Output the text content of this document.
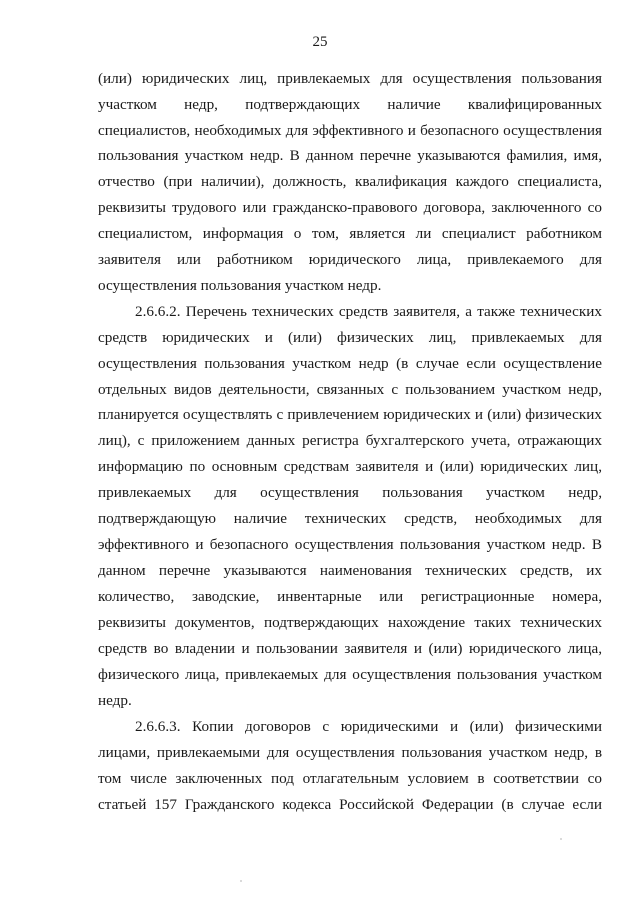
25
(или) юридических лиц, привлекаемых для осуществления пользования
участком недр, подтверждающих наличие квалифицированных
специалистов, необходимых для эффективного и безопасного осуществления
пользования участком недр. В данном перечне указываются фамилия, имя,
отчество (при наличии), должность, квалификация каждого специалиста,
реквизиты трудового или гражданско-правового договора, заключенного со
специалистом, информация о том, является ли специалист работником
заявителя или работником юридического лица, привлекаемого для
осуществления пользования участком недр.
2.6.6.2. Перечень технических средств заявителя, а также технических
средств юридических и (или) физических лиц, привлекаемых для
осуществления пользования участком недр (в случае если осуществление
отдельных видов деятельности, связанных с пользованием участком недр,
планируется осуществлять с привлечением юридических и (или) физических
лиц), с приложением данных регистра бухгалтерского учета, отражающих
информацию по основным средствам заявителя и (или) юридических лиц,
привлекаемых для осуществления пользования участком недр,
подтверждающую наличие технических средств, необходимых для
эффективного и безопасного осуществления пользования участком недр. В
данном перечне указываются наименования технических средств, их
количество, заводские, инвентарные или регистрационные номера,
реквизиты документов, подтверждающих нахождение таких технических
средств во владении и пользовании заявителя и (или) юридического лица,
физического лица, привлекаемых для осуществления пользования участком
недр.
2.6.6.3. Копии договоров с юридическими и (или) физическими
лицами, привлекаемыми для осуществления пользования участком недр, в
том числе заключенных под отлагательным условием в соответствии со
статьей 157 Гражданского кодекса Российской Федерации (в случае если
